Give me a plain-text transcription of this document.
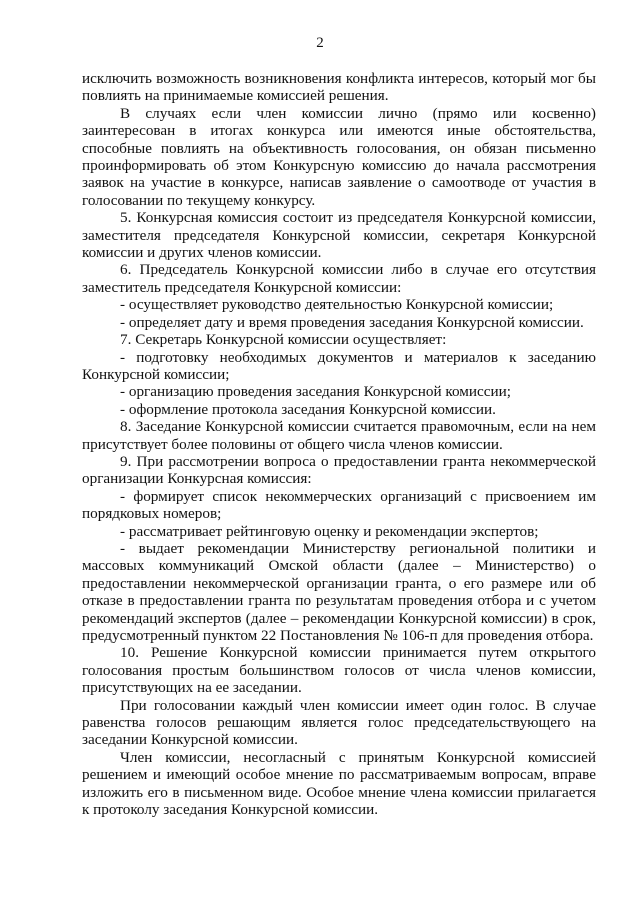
2

исключить возможность возникновения конфликта интересов, который мог бы повлиять на принимаемые комиссией решения.

В случаях если член комиссии лично (прямо или косвенно) заинтересован в итогах конкурса или имеются иные обстоятельства, способные повлиять на объективность голосования, он обязан письменно проинформировать об этом Конкурсную комиссию до начала рассмотрения заявок на участие в конкурсе, написав заявление о самоотводе от участия в голосовании по текущему конкурсу.

5. Конкурсная комиссия состоит из председателя Конкурсной комиссии, заместителя председателя Конкурсной комиссии, секретаря Конкурсной комиссии и других членов комиссии.

6. Председатель Конкурсной комиссии либо в случае его отсутствия заместитель председателя Конкурсной комиссии:

- осуществляет руководство деятельностью Конкурсной комиссии;

- определяет дату и время проведения заседания Конкурсной комиссии.

7. Секретарь Конкурсной комиссии осуществляет:

- подготовку необходимых документов и материалов к заседанию Конкурсной комиссии;

- организацию проведения заседания Конкурсной комиссии;

- оформление протокола заседания Конкурсной комиссии.

8. Заседание Конкурсной комиссии считается правомочным, если на нем присутствует более половины от общего числа членов комиссии.

9. При рассмотрении вопроса о предоставлении гранта некоммерческой организации Конкурсная комиссия:

- формирует список некоммерческих организаций с присвоением им порядковых номеров;

- рассматривает рейтинговую оценку и рекомендации экспертов;

- выдает рекомендации Министерству региональной политики и массовых коммуникаций Омской области (далее – Министерство) о предоставлении некоммерческой организации гранта, о его размере или об отказе в предоставлении гранта по результатам проведения отбора и с учетом рекомендаций экспертов (далее – рекомендации Конкурсной комиссии) в срок, предусмотренный пунктом 22 Постановления № 106-п для проведения отбора.

10. Решение Конкурсной комиссии принимается путем открытого голосования простым большинством голосов от числа членов комиссии, присутствующих на ее заседании.

При голосовании каждый член комиссии имеет один голос. В случае равенства голосов решающим является голос председательствующего на заседании Конкурсной комиссии.

Член комиссии, несогласный с принятым Конкурсной комиссией решением и имеющий особое мнение по рассматриваемым вопросам, вправе изложить его в письменном виде. Особое мнение члена комиссии прилагается к протоколу заседания Конкурсной комиссии.
